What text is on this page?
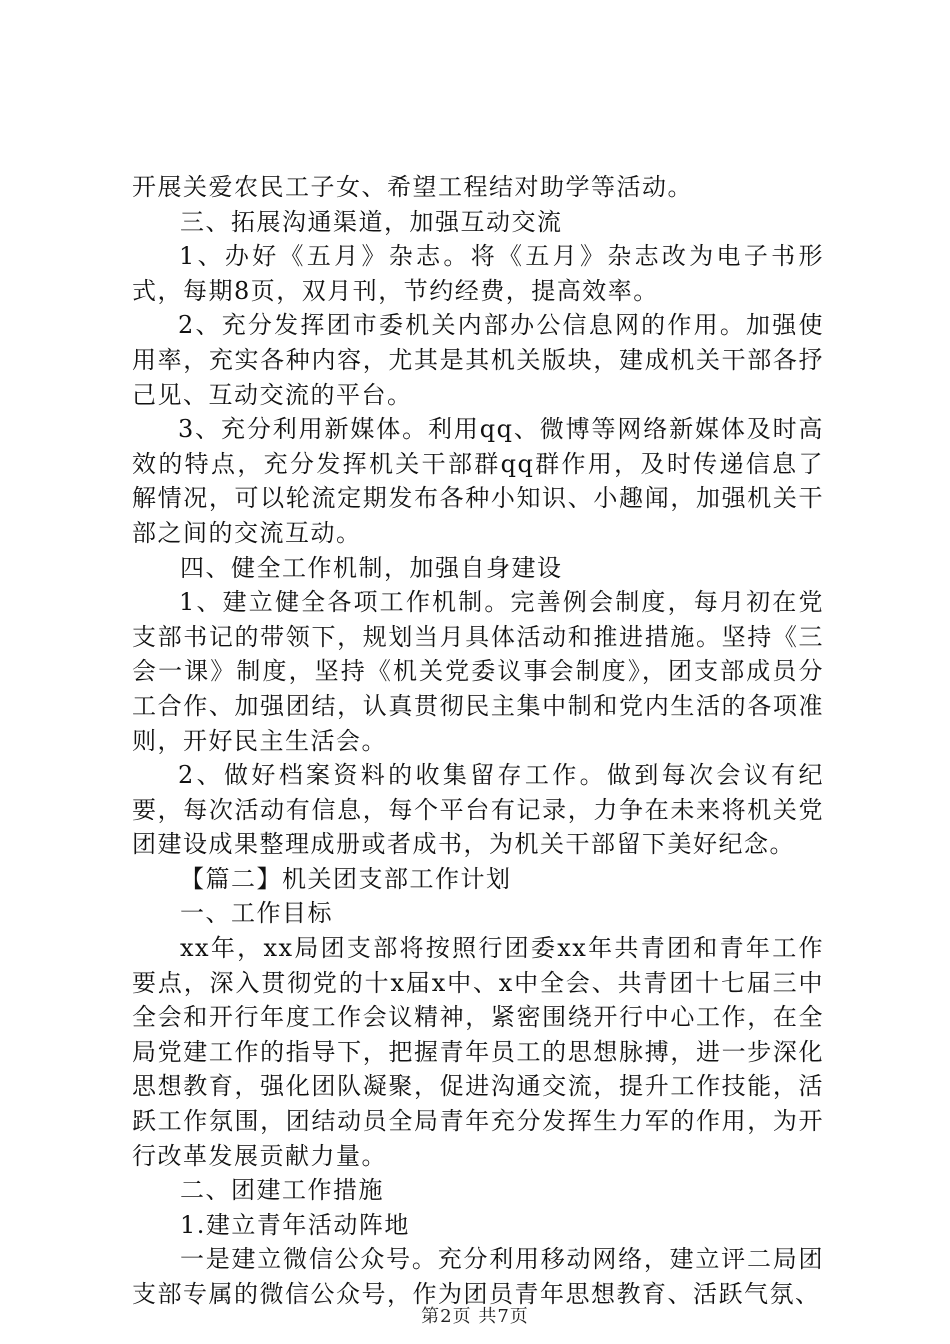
开展关爱农民工子女、希望工程结对助学等活动。

三、拓展沟通渠道，加强互动交流

1、办好《五月》杂志。将《五月》杂志改为电子书形式，每期8页，双月刊，节约经费，提高效率。

2、充分发挥团市委机关内部办公信息网的作用。加强使用率，充实各种内容，尤其是其机关版块，建成机关干部各抒己见、互动交流的平台。

3、充分利用新媒体。利用qq、微博等网络新媒体及时高效的特点，充分发挥机关干部群qq群作用，及时传递信息了解情况，可以轮流定期发布各种小知识、小趣闻，加强机关干部之间的交流互动。

四、健全工作机制，加强自身建设

1、建立健全各项工作机制。完善例会制度，每月初在党支部书记的带领下，规划当月具体活动和推进措施。坚持《三会一课》制度，坚持《机关党委议事会制度》，团支部成员分工合作、加强团结，认真贯彻民主集中制和党内生活的各项准则，开好民主生活会。

2、做好档案资料的收集留存工作。做到每次会议有纪要，每次活动有信息，每个平台有记录，力争在未来将机关党团建设成果整理成册或者成书，为机关干部留下美好纪念。

【篇二】机关团支部工作计划

一、工作目标

xx年，xx局团支部将按照行团委xx年共青团和青年工作要点，深入贯彻党的十x届x中、x中全会、共青团十七届三中全会和开行年度工作会议精神，紧密围绕开行中心工作，在全局党建工作的指导下，把握青年员工的思想脉搏，进一步深化思想教育，强化团队凝聚，促进沟通交流，提升工作技能，活跃工作氛围，团结动员全局青年充分发挥生力军的作用，为开行改革发展贡献力量。

二、团建工作措施

1.建立青年活动阵地

一是建立微信公众号。充分利用移动网络，建立评二局团支部专属的微信公众号，作为团员青年思想教育、活跃气氛、

第2页 共7页
